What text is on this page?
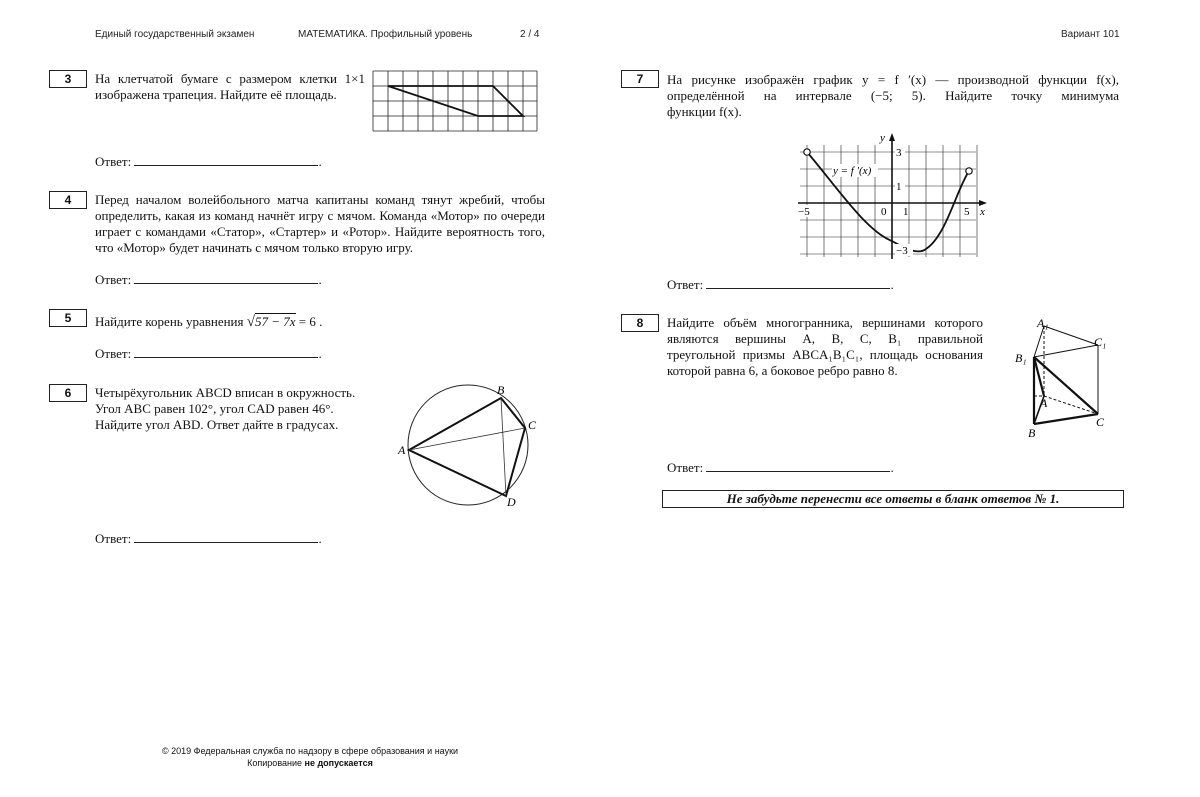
Единый государственный экзамен	МАТЕМАТИКА. Профильный уровень	2 / 4	Вариант 101
3	На клетчатой бумаге с размером клетки 1×1 изображена трапеция. Найдите её площадь.
Ответ:	.
4	Перед началом волейбольного матча капитаны команд тянут жребий, чтобы определить, какая из команд начнёт игру с мячом. Команда «Мотор» по очереди играет с командами «Статор», «Стартер» и «Ротор». Найдите вероятность того, что «Мотор» будет начинать с мячом только вторую игру.
Ответ:	.
5	Найдите корень уравнения √57 − 7x = 6 .
Ответ:	.
6	Четырёхугольник ABCD вписан в окружность.
Угол ABC равен 102°, угол CAD равен 46°.
Найдите угол ABD. Ответ дайте в градусах.
A
B
C
D
Ответ:	.
7	На рисунке изображён график y = f ′(x) — производной функции f(x),
определённой на интервале (−5; 5). Найдите точку минимума
функции f(x).
y = f ′(x)
y
x
−5	0 1	5
3
1
−3
Ответ:	.
8	Найдите объём многогранника, вершинами которого
являются вершины A, B, C, B₁ правильной
треугольной призмы ABCA₁B₁C₁, площадь основания
которой равна 6, а боковое ребро равно 8.
A₁
C₁
B₁
A
B
C
Ответ:	.
Не забудьте перенести все ответы в бланк ответов № 1.
© 2019 Федеральная служба по надзору в сфере образования и науки
Копирование не допускается
